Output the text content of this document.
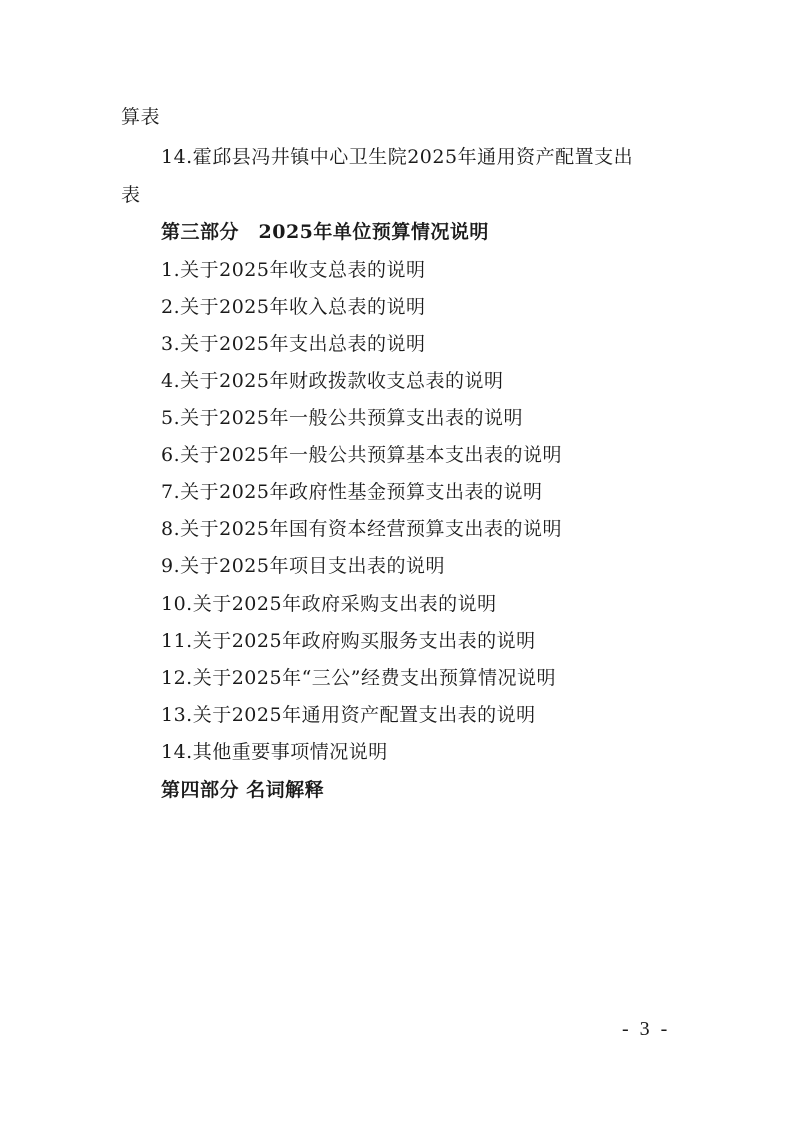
算表
14.霍邱县冯井镇中心卫生院2025年通用资产配置支出
表
第三部分　2025年单位预算情况说明
1.关于2025年收支总表的说明
2.关于2025年收入总表的说明
3.关于2025年支出总表的说明
4.关于2025年财政拨款收支总表的说明
5.关于2025年一般公共预算支出表的说明
6.关于2025年一般公共预算基本支出表的说明
7.关于2025年政府性基金预算支出表的说明
8.关于2025年国有资本经营预算支出表的说明
9.关于2025年项目支出表的说明
10.关于2025年政府采购支出表的说明
11.关于2025年政府购买服务支出表的说明
12.关于2025年“三公”经费支出预算情况说明
13.关于2025年通用资产配置支出表的说明
14.其他重要事项情况说明
第四部分 名词解释
- 3 -
